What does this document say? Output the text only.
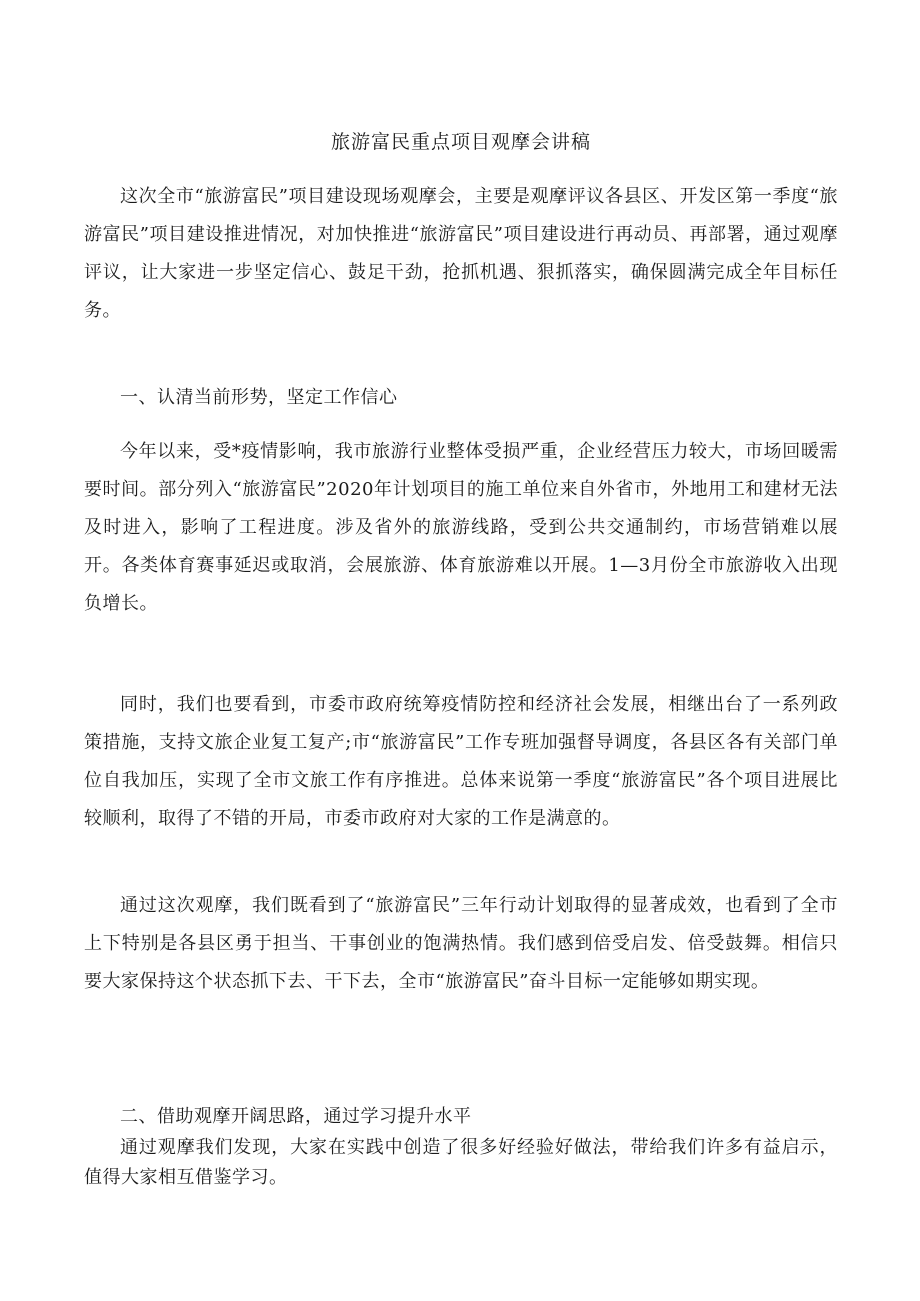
旅游富民重点项目观摩会讲稿

这次全市“旅游富民”项目建设现场观摩会，主要是观摩评议各县区、开发区第一季度“旅游富民”项目建设推进情况，对加快推进“旅游富民”项目建设进行再动员、再部署，通过观摩评议，让大家进一步坚定信心、鼓足干劲，抢抓机遇、狠抓落实，确保圆满完成全年目标任务。

一、认清当前形势，坚定工作信心

今年以来，受*疫情影响，我市旅游行业整体受损严重，企业经营压力较大，市场回暖需要时间。部分列入“旅游富民”2020年计划项目的施工单位来自外省市，外地用工和建材无法及时进入，影响了工程进度。涉及省外的旅游线路，受到公共交通制约，市场营销难以展开。各类体育赛事延迟或取消，会展旅游、体育旅游难以开展。1—3月份全市旅游收入出现负增长。

同时，我们也要看到，市委市政府统筹疫情防控和经济社会发展，相继出台了一系列政策措施，支持文旅企业复工复产;市“旅游富民”工作专班加强督导调度，各县区各有关部门单位自我加压，实现了全市文旅工作有序推进。总体来说第一季度“旅游富民”各个项目进展比较顺利，取得了不错的开局，市委市政府对大家的工作是满意的。

通过这次观摩，我们既看到了“旅游富民”三年行动计划取得的显著成效，也看到了全市上下特别是各县区勇于担当、干事创业的饱满热情。我们感到倍受启发、倍受鼓舞。相信只要大家保持这个状态抓下去、干下去，全市“旅游富民”奋斗目标一定能够如期实现。

二、借助观摩开阔思路，通过学习提升水平

通过观摩我们发现，大家在实践中创造了很多好经验好做法，带给我们许多有益启示，值得大家相互借鉴学习。
